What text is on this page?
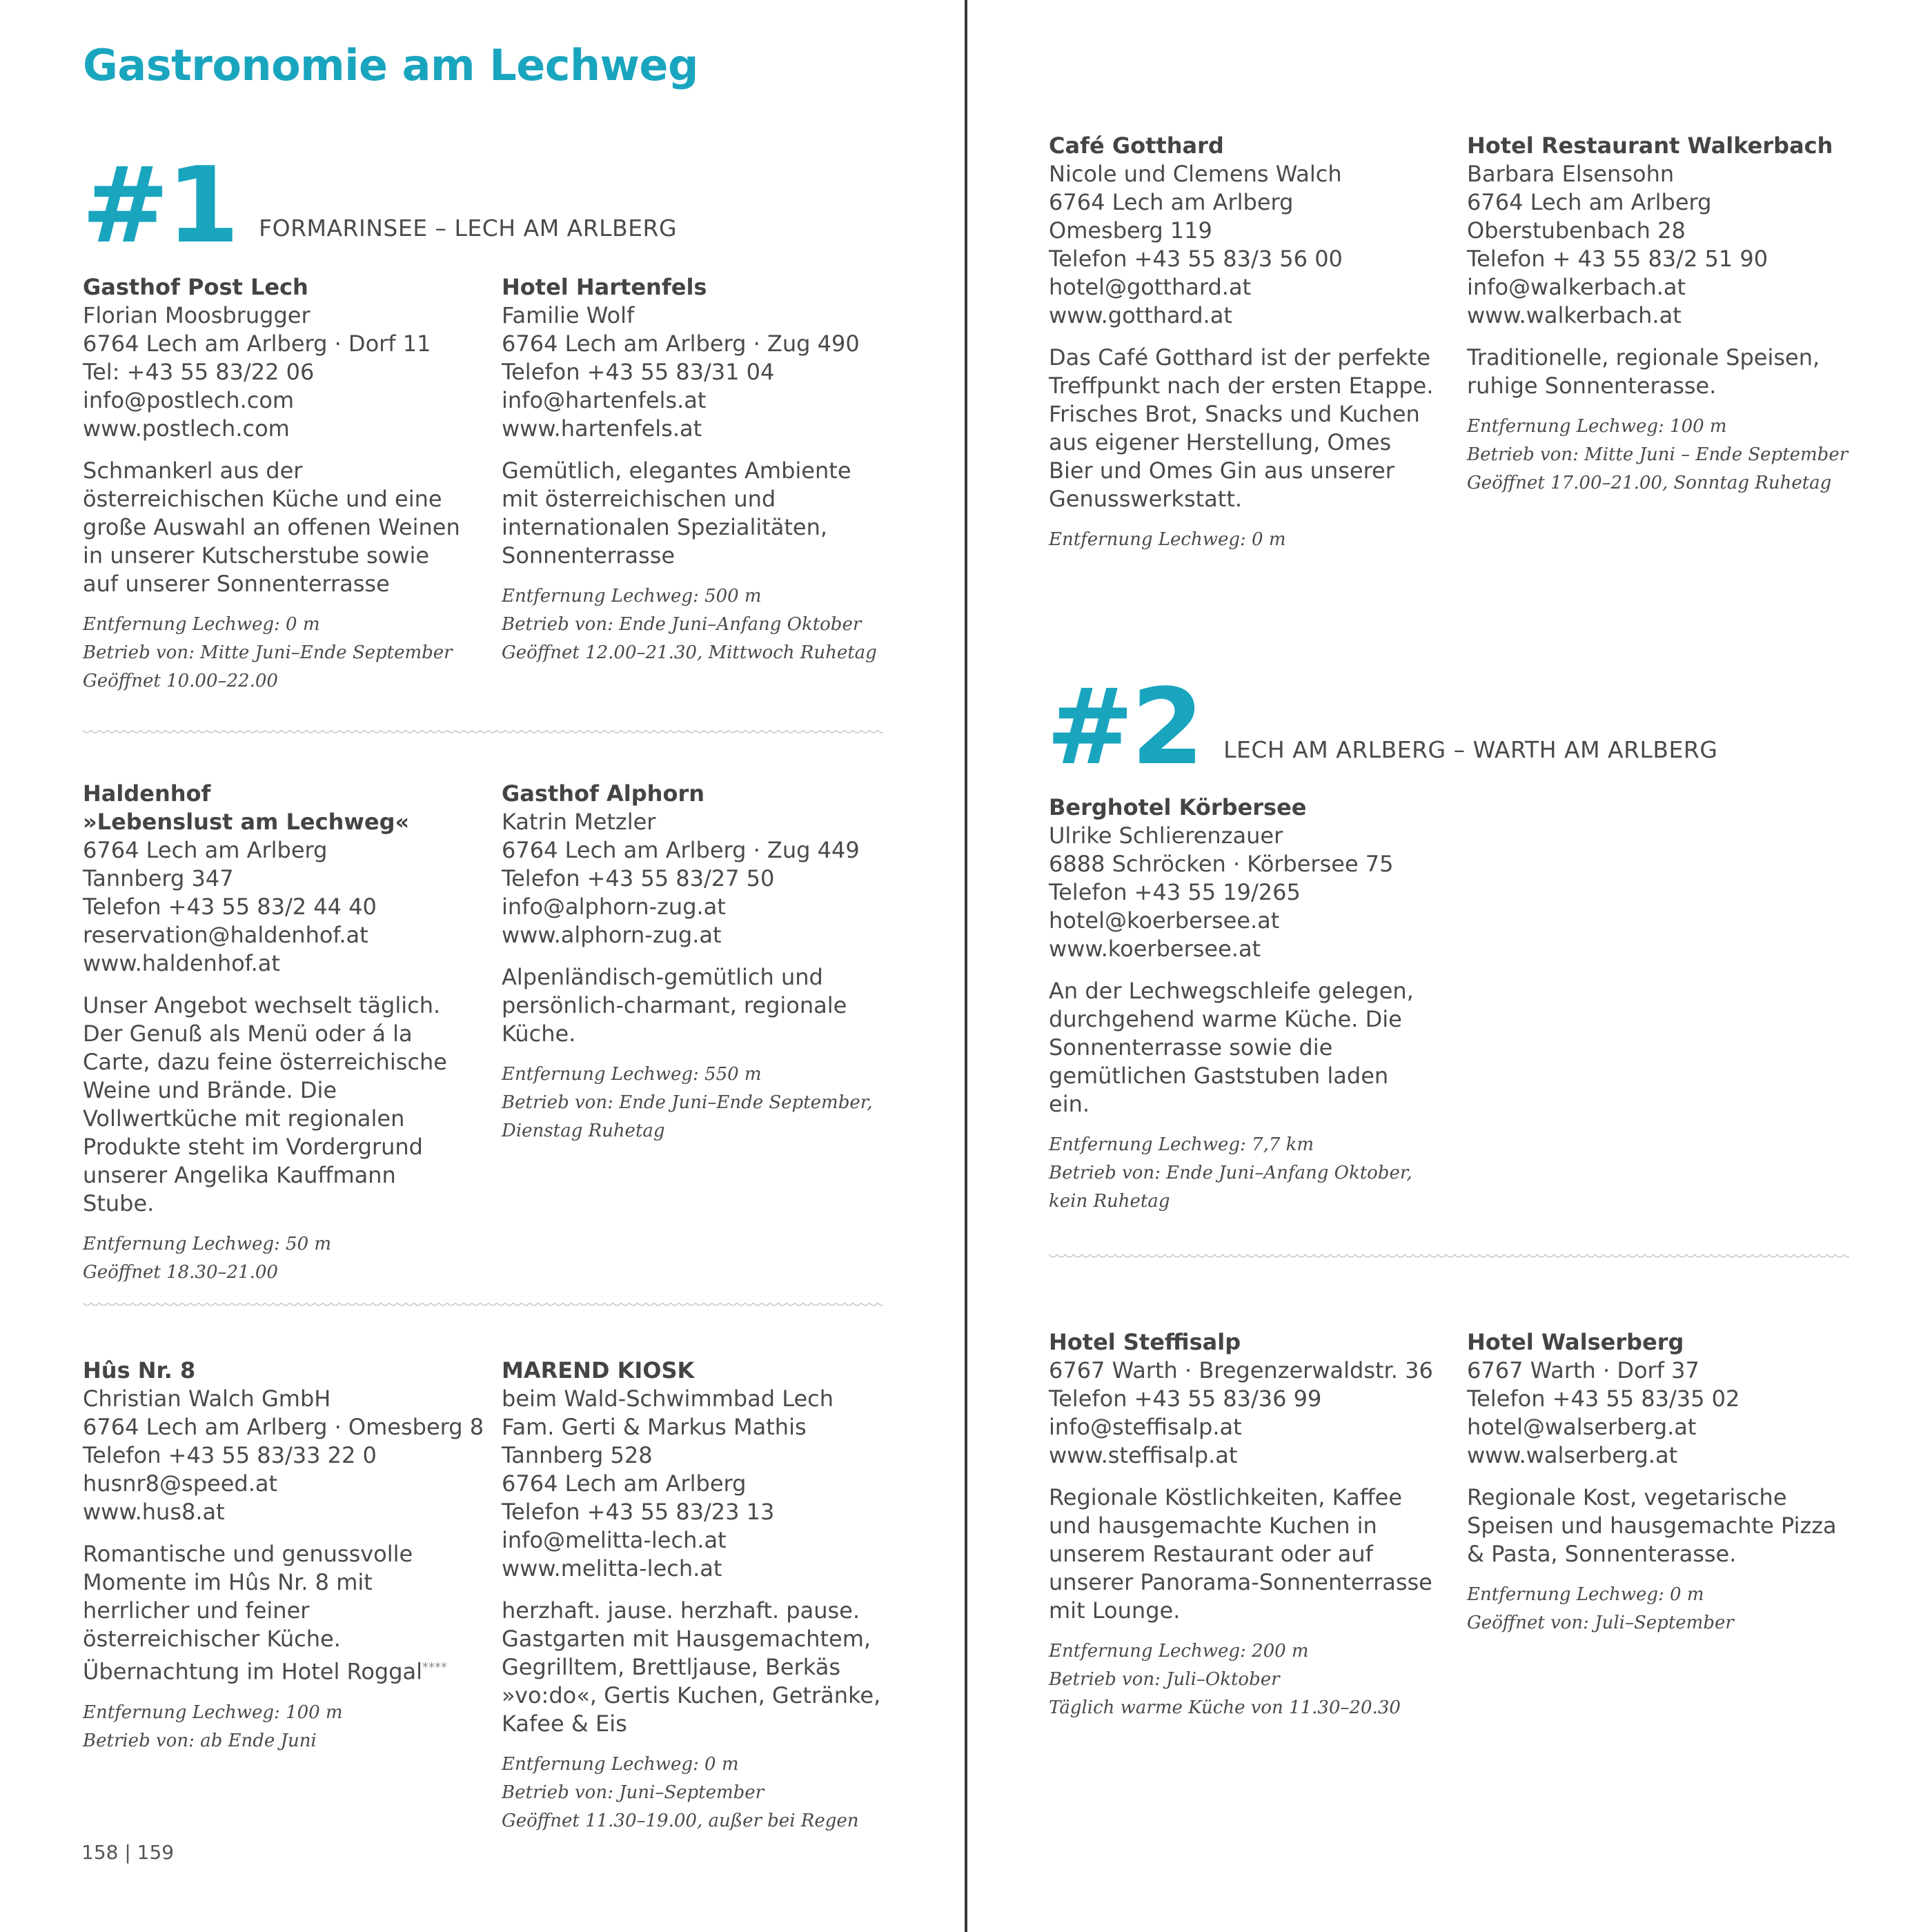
Gastronomie am Lechweg
#1 FORMARINSEE – LECH AM ARLBERG
#2 LECH AM ARLBERG – WARTH AM ARLBERG
Gasthof Post Lech
Florian Moosbrugger
6764 Lech am Arlberg · Dorf 11
Tel: +43 55 83/22 06
info@postlech.com
www.postlech.com
Schmankerl aus der österreichischen Küche und eine große Auswahl an offenen Weinen in unserer Kutscherstube sowie auf unserer Sonnenterrasse
Entfernung Lechweg: 0 m
Betrieb von: Mitte Juni–Ende September
Geöffnet 10.00–22.00
Hotel Hartenfels
Familie Wolf
6764 Lech am Arlberg · Zug 490
Telefon +43 55 83/31 04
info@hartenfels.at
www.hartenfels.at
Gemütlich, elegantes Ambiente mit österreichischen und internationalen Spezialitäten, Sonnenterrasse
Entfernung Lechweg: 500 m
Betrieb von: Ende Juni–Anfang Oktober
Geöffnet 12.00–21.30, Mittwoch Ruhetag
Haldenhof
»Lebenslust am Lechweg«
6764 Lech am Arlberg
Tannberg 347
Telefon +43 55 83/2 44 40
reservation@haldenhof.at
www.haldenhof.at
Unser Angebot wechselt täglich. Der Genuß als Menü oder á la Carte, dazu feine österreichische Weine und Brände. Die Vollwertküche mit regionalen Produkte steht im Vordergrund unserer Angelika Kauffmann Stube.
Entfernung Lechweg: 50 m
Geöffnet 18.30–21.00
Gasthof Alphorn
Katrin Metzler
6764 Lech am Arlberg · Zug 449
Telefon +43 55 83/27 50
info@alphorn-zug.at
www.alphorn-zug.at
Alpenländisch-gemütlich und persönlich-charmant, regionale Küche.
Entfernung Lechweg: 550 m
Betrieb von: Ende Juni–Ende September,
Dienstag Ruhetag
Hûs Nr. 8
Christian Walch GmbH
6764 Lech am Arlberg · Omesberg 8
Telefon +43 55 83/33 22 0
husnr8@speed.at
www.hus8.at
Romantische und genussvolle Momente im Hûs Nr. 8 mit herrlicher und feiner österreichischer Küche. Übernachtung im Hotel Roggal****
Entfernung Lechweg: 100 m
Betrieb von: ab Ende Juni
MAREND KIOSK
beim Wald-Schwimmbad Lech
Fam. Gerti & Markus Mathis
Tannberg 528
6764 Lech am Arlberg
Telefon +43 55 83/23 13
info@melitta-lech.at
www.melitta-lech.at
herzhaft. jause. herzhaft. pause. Gastgarten mit Hausgemachtem, Gegrilltem, Brettljause, Berkäs »vo:do«, Gertis Kuchen, Getränke, Kafee & Eis
Entfernung Lechweg: 0 m
Betrieb von: Juni–September
Geöffnet 11.30–19.00, außer bei Regen
158 | 159
Café Gotthard
Nicole und Clemens Walch
6764 Lech am Arlberg
Omesberg 119
Telefon +43 55 83/3 56 00
hotel@gotthard.at
www.gotthard.at
Das Café Gotthard ist der perfekte Treffpunkt nach der ersten Etappe. Frisches Brot, Snacks und Kuchen aus eigener Herstellung, Omes Bier und Omes Gin aus unserer Genusswerkstatt.
Entfernung Lechweg: 0 m
Hotel Restaurant Walkerbach
Barbara Elsensohn
6764 Lech am Arlberg
Oberstubenbach 28
Telefon + 43 55 83/2 51 90
info@walkerbach.at
www.walkerbach.at
Traditionelle, regionale Speisen, ruhige Sonnenterasse.
Entfernung Lechweg: 100 m
Betrieb von: Mitte Juni – Ende September
Geöffnet 17.00–21.00, Sonntag Ruhetag
Berghotel Körbersee
Ulrike Schlierenzauer
6888 Schröcken · Körbersee 75
Telefon +43 55 19/265
hotel@koerbersee.at
www.koerbersee.at
An der Lechwegschleife gelegen, durchgehend warme Küche. Die Sonnenterrasse sowie die gemütlichen Gaststuben laden ein.
Entfernung Lechweg: 7,7 km
Betrieb von: Ende Juni–Anfang Oktober,
kein Ruhetag
Hotel Steffisalp
6767 Warth · Bregenzerwaldstr. 36
Telefon +43 55 83/36 99
info@steffisalp.at
www.steffisalp.at
Regionale Köstlichkeiten, Kaffee und hausgemachte Kuchen in unserem Restaurant oder auf unserer Panorama-Sonnenterrasse mit Lounge.
Entfernung Lechweg: 200 m
Betrieb von: Juli–Oktober
Täglich warme Küche von 11.30–20.30
Hotel Walserberg
6767 Warth · Dorf 37
Telefon +43 55 83/35 02
hotel@walserberg.at
www.walserberg.at
Regionale Kost, vegetarische Speisen und hausgemachte Pizza & Pasta, Sonnenterasse.
Entfernung Lechweg: 0 m
Geöffnet von: Juli–September
